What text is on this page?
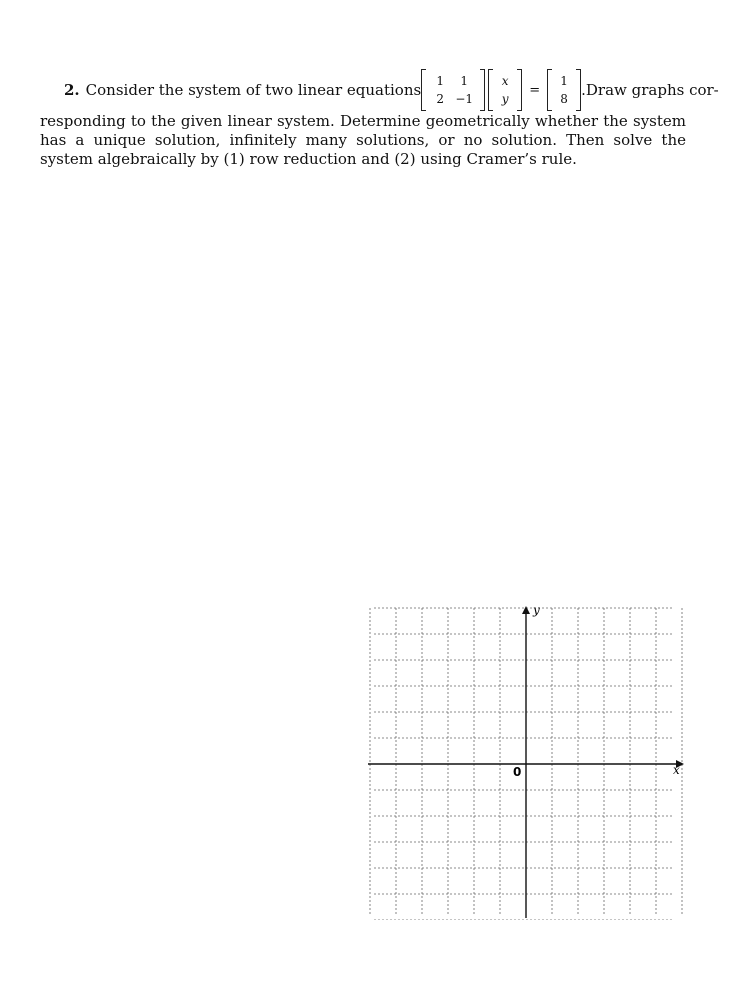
2. Consider the system of two linear equations	1	1
2 −1
x
y
=
1
8 . Draw graphs cor-
responding to the given linear system. Determine geometrically whether the system has a unique solution, infinitely many solutions, or no solution. Then solve the system algebraically by (1) row reduction and (2) using Cramer’s rule.
y
x
0
